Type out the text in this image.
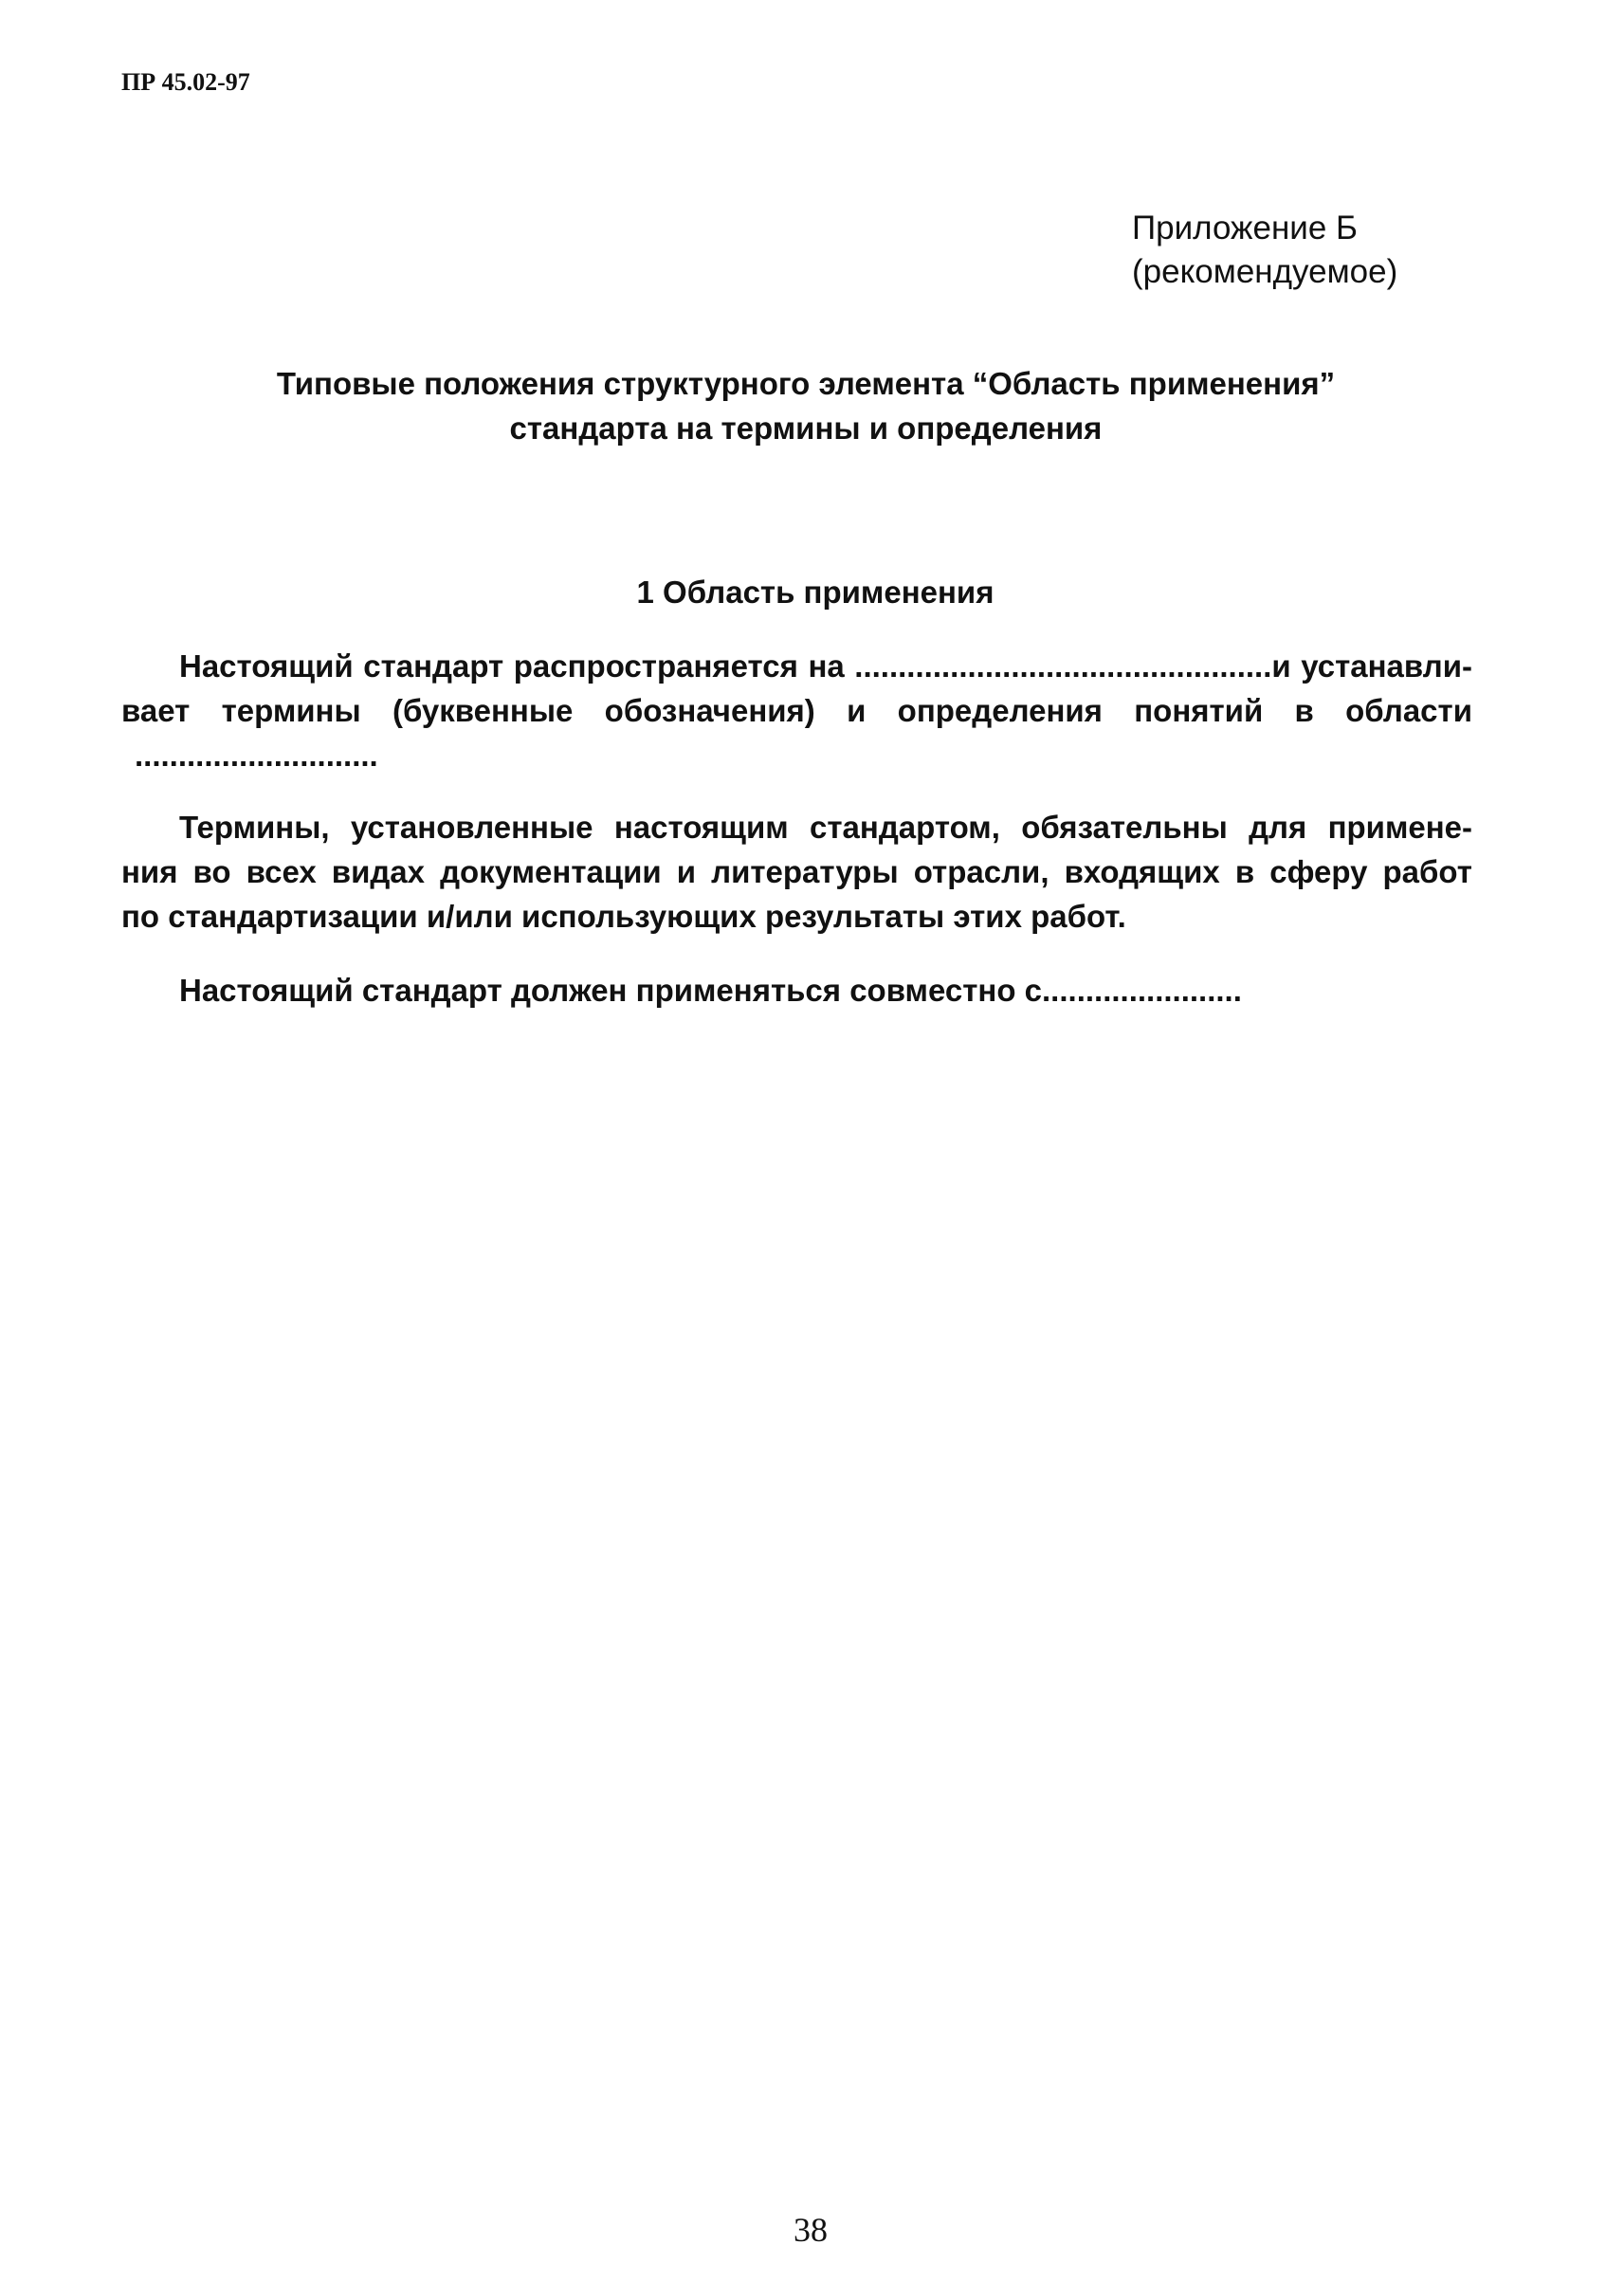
ПР 45.02-97
Приложение Б
(рекомендуемое)
Типовые положения структурного элемента “Область применения”
стандарта на термины и определения
1 Область применения
Настоящий стандарт распространяется на ................................................и устанавли-
вает термины (буквенные обозначения) и определения понятий в области
............................
Термины, установленные настоящим стандартом, обязательны для примене-
ния во всех видах документации и литературы отрасли, входящих в сферу работ
по стандартизации и/или использующих результаты этих работ.
Настоящий стандарт должен применяться совместно с.......................
38
